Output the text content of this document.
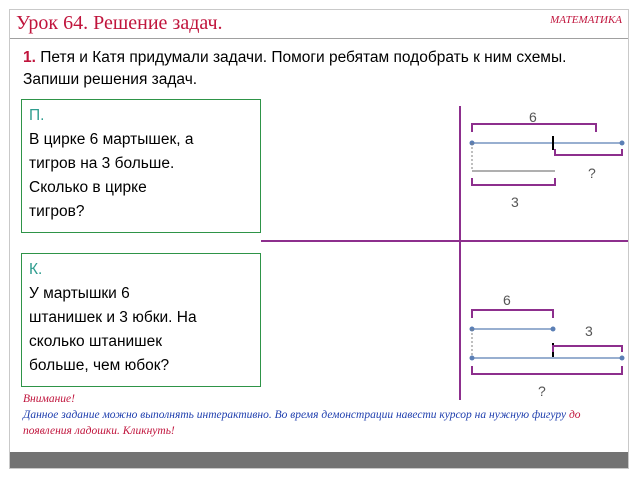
Урок 64. Решение задач.	МАТЕМАТИКА
1. Петя и Катя придумали задачи. Помоги ребятам подобрать к ним схемы. Запиши решения задач.
П.
В цирке 6 мартышек, а
тигров на 3 больше.
Сколько в цирке
тигров?
К.
У мартышки 6
штанишек и 3 юбки. На
сколько штанишек
больше, чем юбок?
6
?
3
6
3
?
Внимание!
Данное задание можно выполнять интерактивно. Во время демонстрации навести курсор на нужную фигуру до появления ладошки. Кликнуть!
